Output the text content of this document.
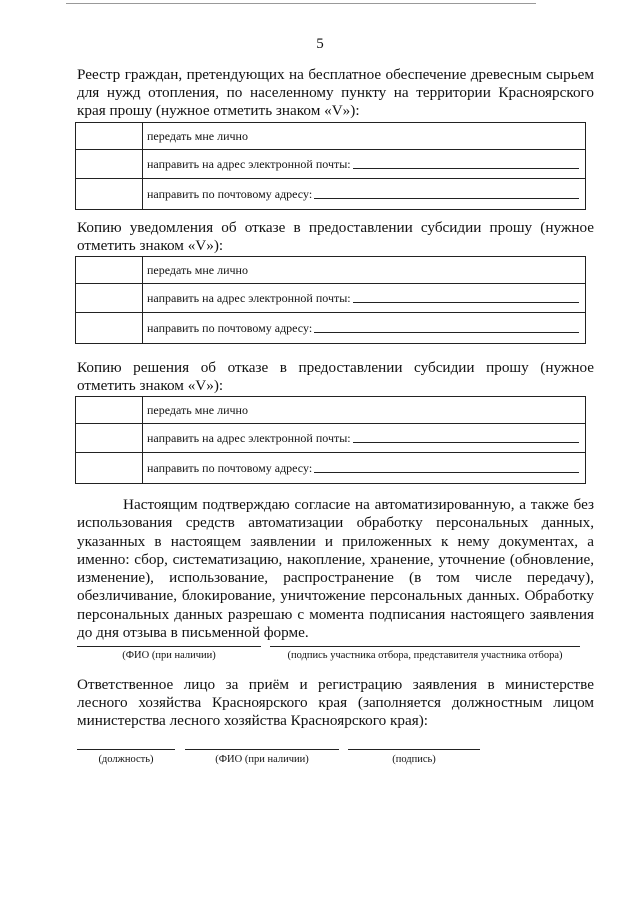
5
Реестр граждан, претендующих на бесплатное обеспечение древесным сырьем для нужд отопления, по населенному пункту на территории Красноярского края прошу (нужное отметить знаком «V»):
	передать мне лично

	направить на адрес электронной почты:

	направить по почтовому адресу:
Копию уведомления об отказе в предоставлении субсидии прошу (нужное отметить знаком «V»):
	передать мне лично

	направить на адрес электронной почты:

	направить по почтовому адресу:
Копию решения об отказе в предоставлении субсидии прошу (нужное отметить знаком «V»):
	передать мне лично

	направить на адрес электронной почты:

	направить по почтовому адресу:
Настоящим подтверждаю согласие на автоматизированную, а также без использования средств автоматизации обработку персональных данных, указанных в настоящем заявлении и приложенных к нему документах, а именно: сбор, систематизацию, накопление, хранение, уточнение (обновление, изменение), использование, распространение (в том числе передачу), обезличивание, блокирование, уничтожение персональных данных. Обработку персональных данных разрешаю с момента подписания настоящего заявления до дня отзыва в письменной форме.
(ФИО (при наличии)	(подпись участника отбора, представителя участника отбора)
Ответственное лицо за приём и регистрацию заявления в министерстве лесного хозяйства Красноярского края (заполняется должностным лицом министерства лесного хозяйства Красноярского края):
(должность)	(ФИО (при наличии)	(подпись)
